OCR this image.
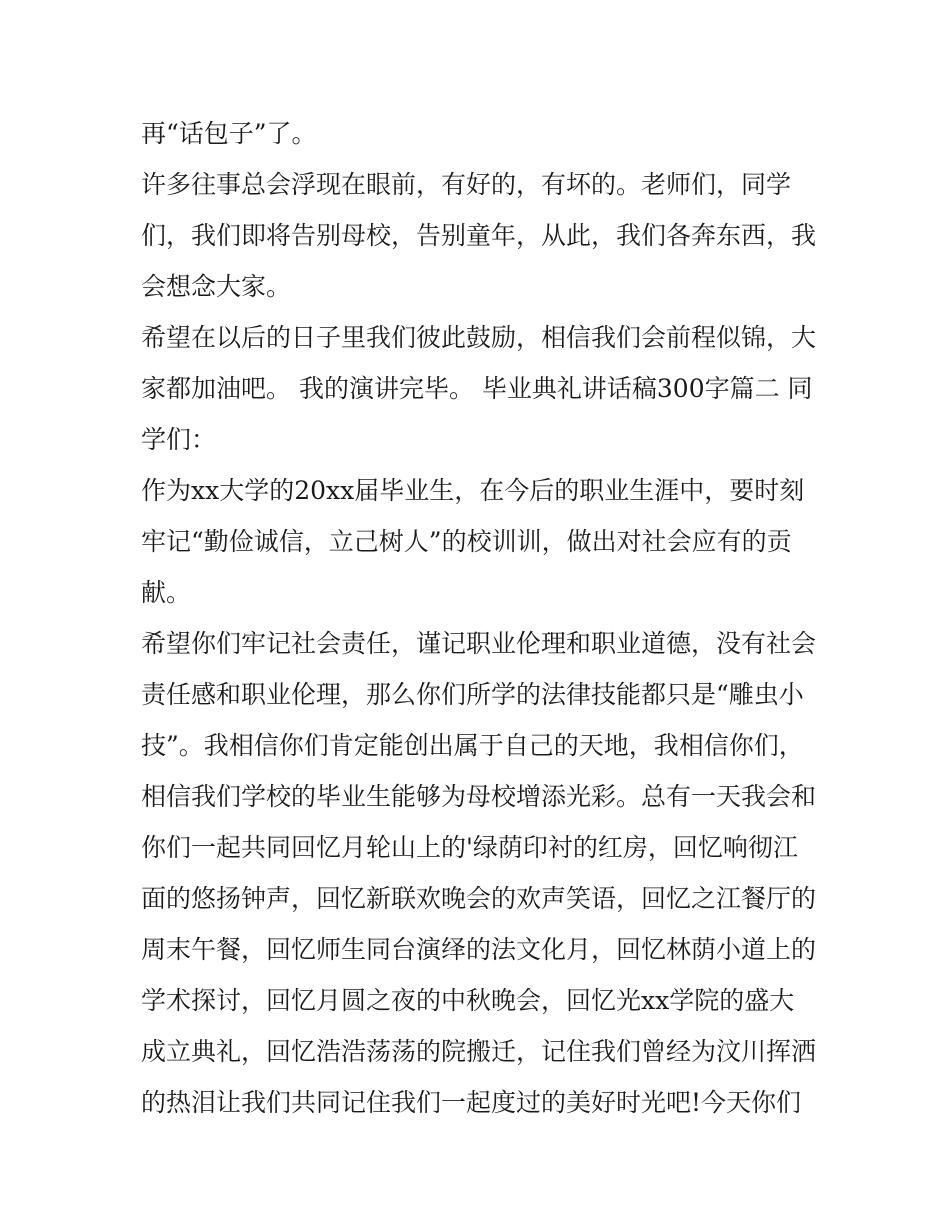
再“话包子”了。
许多往事总会浮现在眼前，有好的，有坏的。老师们，同学
们，我们即将告别母校，告别童年，从此，我们各奔东西，我
会想念大家。
希望在以后的日子里我们彼此鼓励，相信我们会前程似锦，大
家都加油吧。 我的演讲完毕。 毕业典礼讲话稿300字篇二 同
学们：
作为xx大学的20xx届毕业生，在今后的职业生涯中，要时刻
牢记“勤俭诚信，立己树人”的校训训，做出对社会应有的贡
献。
希望你们牢记社会责任，谨记职业伦理和职业道德，没有社会
责任感和职业伦理，那么你们所学的法律技能都只是“雕虫小
技”。我相信你们肯定能创出属于自己的天地，我相信你们，
相信我们学校的毕业生能够为母校增添光彩。总有一天我会和
你们一起共同回忆月轮山上的'绿荫印衬的红房，回忆响彻江
面的悠扬钟声，回忆新联欢晚会的欢声笑语，回忆之江餐厅的
周末午餐，回忆师生同台演绎的法文化月，回忆林荫小道上的
学术探讨，回忆月圆之夜的中秋晚会，回忆光xx学院的盛大
成立典礼，回忆浩浩荡荡的院搬迁，记住我们曾经为汶川挥洒
的热泪让我们共同记住我们一起度过的美好时光吧!今天你们
